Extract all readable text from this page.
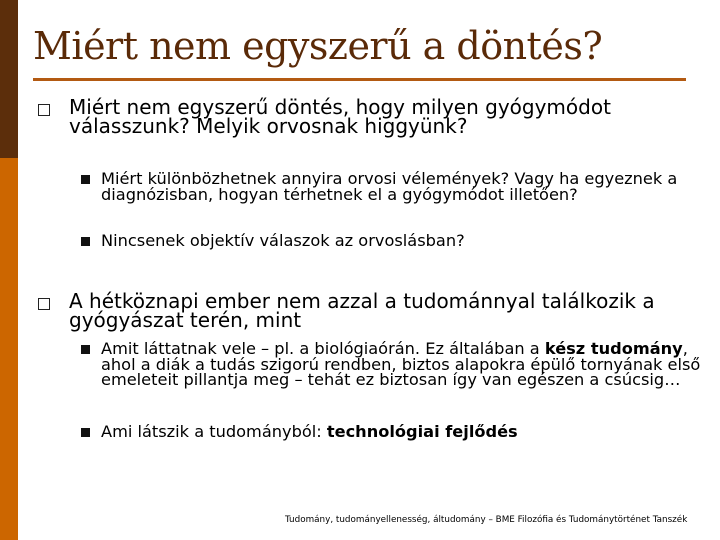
Miért nem egyszerű a döntés?
Miért nem egyszerű döntés, hogy milyen gyógymódot válasszunk? Melyik orvosnak higgyünk?
Miért különbözhetnek annyira orvosi vélemények? Vagy ha egyeznek a diagnózisban, hogyan térhetnek el a gyógymódot illetően?
Nincsenek objektív válaszok az orvoslásban?
A hétköznapi ember nem azzal a tudománnyal találkozik a gyógyászat terén, mint
Amit láttatnak vele – pl. a biológiaórán. Ez általában a kész tudomány, ahol a diák a tudás szigorú rendben, biztos alapokra épülő tornyának első emeleteit pillantja meg – tehát ez biztosan így van egészen a csúcsig…
Ami látszik a tudományból: technológiai fejlődés
Tudomány, tudományellenesség, áltudomány – BME Filozófia és Tudománytörténet Tanszék
